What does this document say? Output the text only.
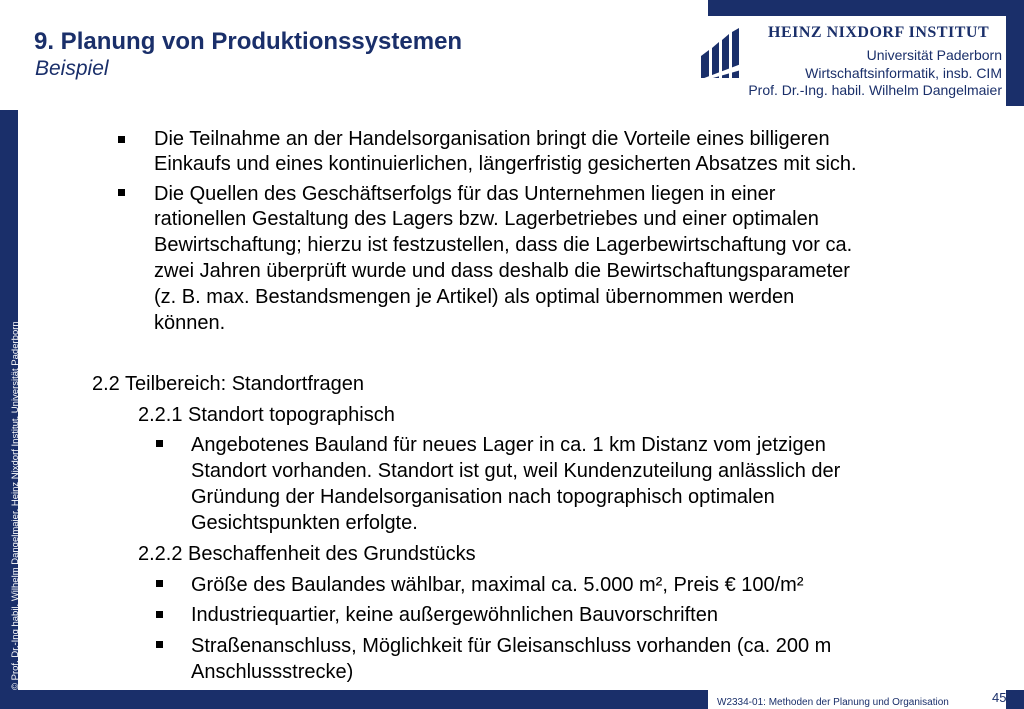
9. Planung von Produktionssystemen
Beispiel
HEINZ NIXDORF INSTITUT
Universität Paderborn
Wirtschaftsinformatik, insb. CIM
Prof. Dr.-Ing. habil. Wilhelm Dangelmaier
© Prof. Dr.-Ing habil. Wilhelm Dangelmaier, Heinz Nixdorf Institut, Universität Paderborn
W2334-01: Methoden der Planung und Organisation	45
Die Teilnahme an der Handelsorganisation bringt die Vorteile eines billigeren
Einkaufs und eines kontinuierlichen, längerfristig gesicherten Absatzes mit sich.
Die Quellen des Geschäftserfolgs für das Unternehmen liegen in einer
rationellen Gestaltung des Lagers bzw. Lagerbetriebes und einer optimalen
Bewirtschaftung; hierzu ist festzustellen, dass die Lagerbewirtschaftung vor ca.
zwei Jahren überprüft wurde und dass deshalb die Bewirtschaftungsparameter
(z. B. max. Bestandsmengen je Artikel) als optimal übernommen werden
können.
2.2 Teilbereich: Standortfragen
2.2.1 Standort topographisch
Angebotenes Bauland für neues Lager in ca. 1 km Distanz vom jetzigen
Standort vorhanden. Standort ist gut, weil Kundenzuteilung anlässlich der
Gründung der Handelsorganisation nach topographisch optimalen
Gesichtspunkten erfolgte.
2.2.2 Beschaffenheit des Grundstücks
Größe des Baulandes wählbar, maximal ca. 5.000 m², Preis € 100/m²
Industriequartier, keine außergewöhnlichen Bauvorschriften
Straßenanschluss, Möglichkeit für Gleisanschluss vorhanden (ca. 200 m
Anschlussstrecke)
